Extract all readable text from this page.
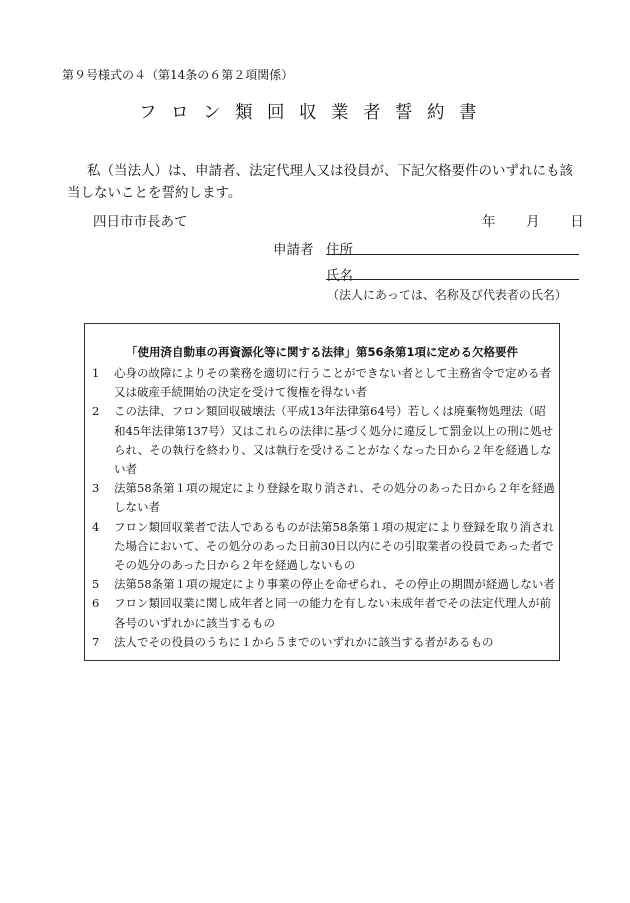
第９号様式の４（第14条の６第２項関係）
フロン類回収業者誓約書
私（当法人）は、申請者、法定代理人又は役員が、下記欠格要件のいずれにも該当しないことを誓約します。
四日市市長あて	年 月 日
申請者 住所
氏名
（法人にあっては、名称及び代表者の氏名）
「使用済自動車の再資源化等に関する法律」第56条第1項に定める欠格要件
1 心身の故障によりその業務を適切に行うことができない者として主務省令で定める者又は破産手続開始の決定を受けて復権を得ない者
2 この法律、フロン類回収破壊法（平成13年法律第64号）若しくは廃棄物処理法（昭和45年法律第137号）又はこれらの法律に基づく処分に違反して罰金以上の刑に処せられ、その執行を終わり、又は執行を受けることがなくなった日から２年を経過しない者
3 法第58条第１項の規定により登録を取り消され、その処分のあった日から２年を経過しない者
4 フロン類回収業者で法人であるものが法第58条第１項の規定により登録を取り消された場合において、その処分のあった日前30日以内にその引取業者の役員であった者でその処分のあった日から２年を経過しないもの
5 法第58条第１項の規定により事業の停止を命ぜられ、その停止の期間が経過しない者
6 フロン類回収業に関し成年者と同一の能力を有しない未成年者でその法定代理人が前各号のいずれかに該当するもの
7 法人でその役員のうちに１から５までのいずれかに該当する者があるもの
